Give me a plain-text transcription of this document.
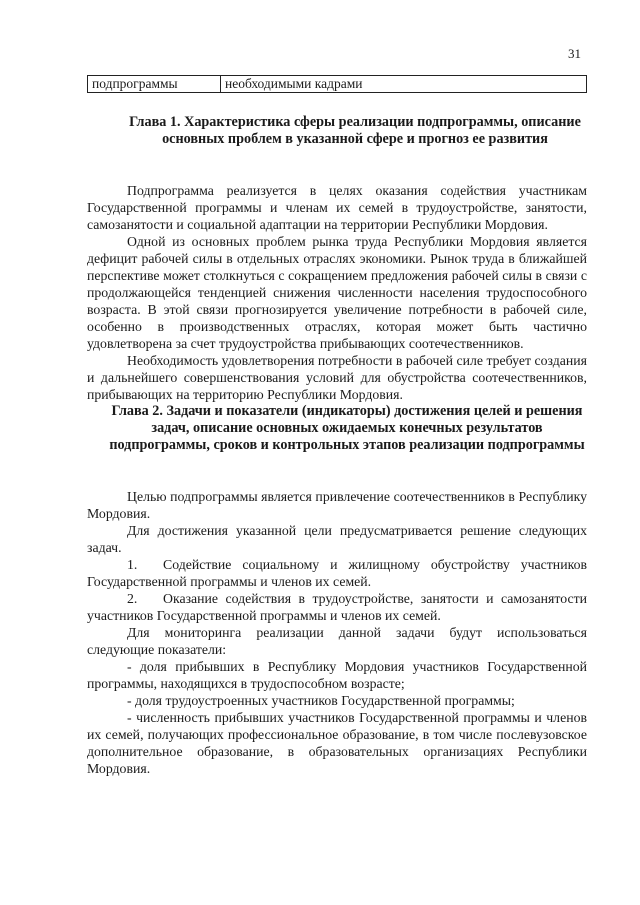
31
подпрограммы	необходимыми кадрами
Глава 1. Характеристика сферы реализации подпрограммы, описание основных проблем в указанной сфере и прогноз ее развития

Подпрограмма реализуется в целях оказания содействия участникам Государственной программы и членам их семей в трудоустройстве, занятости, самозанятости и социальной адаптации на территории Республики Мордовия.

Одной из основных проблем рынка труда Республики Мордовия является дефицит рабочей силы в отдельных отраслях экономики. Рынок труда в ближайшей перспективе может столкнуться с сокращением предложения рабочей силы в связи с продолжающейся тенденцией снижения численности населения трудоспособного возраста. В этой связи прогнозируется увеличение потребности в рабочей силе, особенно в производственных отраслях, которая может быть частично удовлетворена за счет трудоустройства прибывающих соотечественников.

Необходимость удовлетворения потребности в рабочей силе требует создания и дальнейшего совершенствования условий для обустройства соотечественников, прибывающих на территорию Республики Мордовия.

Глава 2. Задачи и показатели (индикаторы) достижения целей и решения задач, описание основных ожидаемых конечных результатов подпрограммы, сроков и контрольных этапов реализации подпрограммы

Целью подпрограммы является привлечение соотечественников в Республику Мордовия.

Для достижения указанной цели предусматривается решение следующих задач.

1. Содействие социальному и жилищному обустройству участников Государственной программы и членов их семей.

2. Оказание содействия в трудоустройстве, занятости и самозанятости участников Государственной программы и членов их семей.

Для мониторинга реализации данной задачи будут использоваться следующие показатели:

- доля прибывших в Республику Мордовия участников Государственной программы, находящихся в трудоспособном возрасте;

- доля трудоустроенных участников Государственной программы;

- численность прибывших участников Государственной программы и членов их семей, получающих профессиональное образование, в том числе послевузовское дополнительное образование, в образовательных организациях Республики Мордовия.
